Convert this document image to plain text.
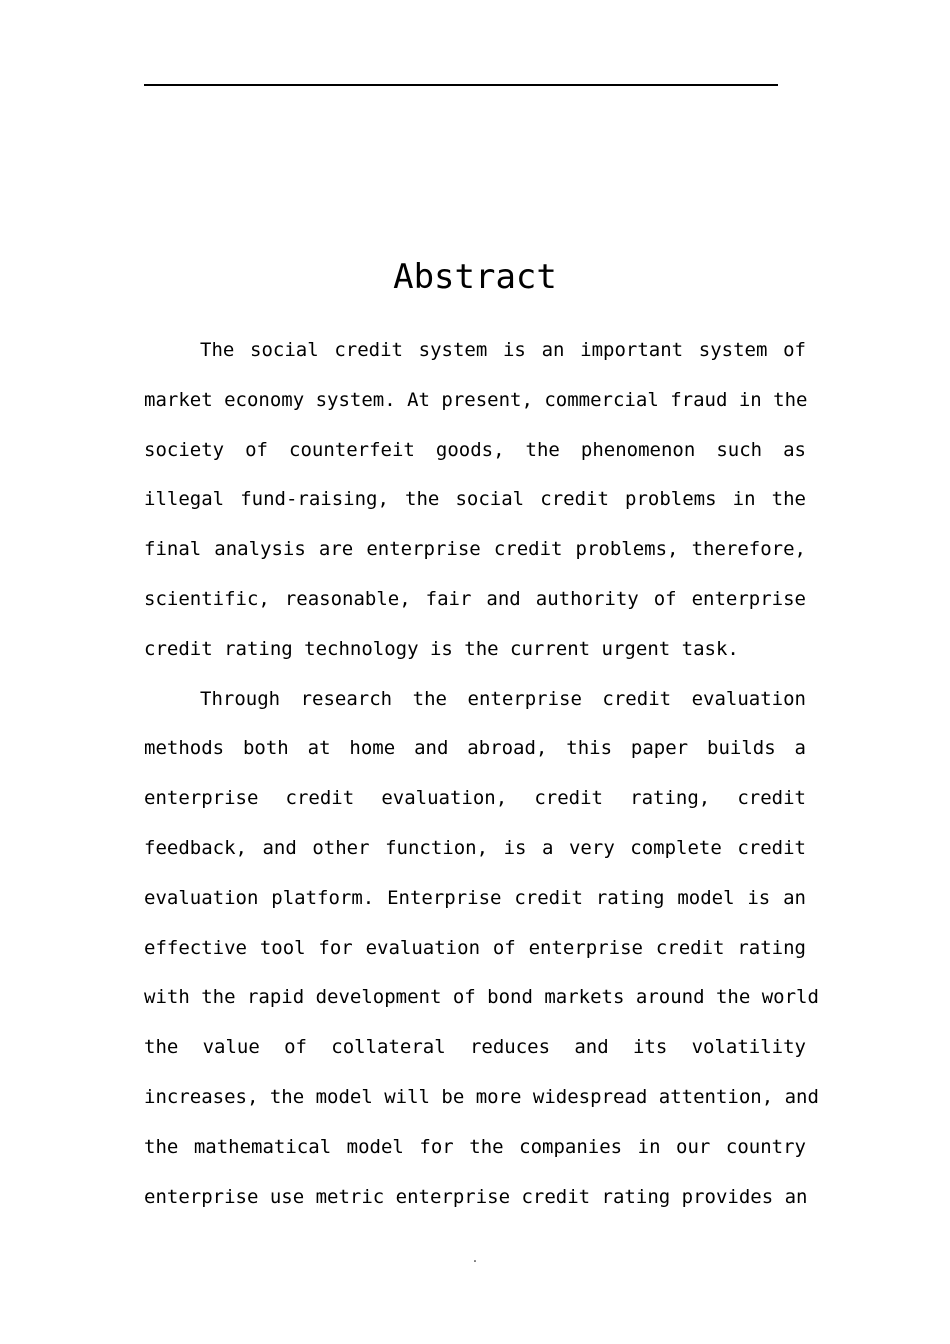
Abstract
The social credit system is an important system of
market economy system. At present, commercial fraud in the
society of counterfeit goods, the phenomenon such as
illegal fund-raising, the social credit problems in the
final analysis are enterprise credit problems, therefore,
scientific, reasonable, fair and authority of enterprise
credit rating technology is the current urgent task.
Through research the enterprise credit evaluation
methods both at home and abroad, this paper builds a
enterprise credit evaluation, credit rating, credit
feedback, and other function, is a very complete credit
evaluation platform. Enterprise credit rating model is an
effective tool for evaluation of enterprise credit rating
with the rapid development of bond markets around the world
the value of collateral reduces and its volatility
increases, the model will be more widespread attention, and
the mathematical model for the companies in our country
enterprise use metric enterprise credit rating provides an
.
